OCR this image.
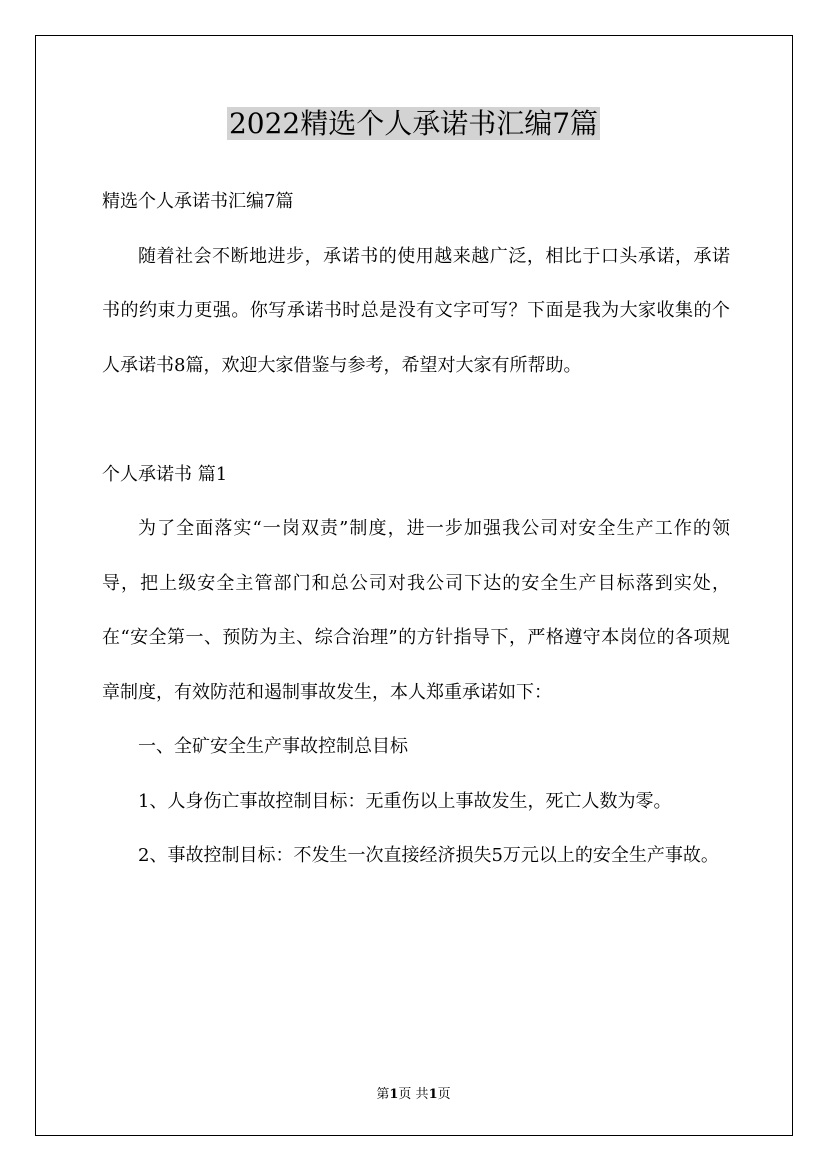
2022精选个人承诺书汇编7篇

精选个人承诺书汇编7篇

随着社会不断地进步，承诺书的使用越来越广泛，相比于口头承诺，承诺书的约束力更强。你写承诺书时总是没有文字可写？下面是我为大家收集的个人承诺书8篇，欢迎大家借鉴与参考，希望对大家有所帮助。

个人承诺书 篇1

为了全面落实“一岗双责”制度，进一步加强我公司对安全生产工作的领导，把上级安全主管部门和总公司对我公司下达的安全生产目标落到实处，在“安全第一、预防为主、综合治理”的方针指导下，严格遵守本岗位的各项规章制度，有效防范和遏制事故发生，本人郑重承诺如下：

一、全矿安全生产事故控制总目标

1、人身伤亡事故控制目标：无重伤以上事故发生，死亡人数为零。

2、事故控制目标：不发生一次直接经济损失5万元以上的安全生产事故。

第1页 共1页
